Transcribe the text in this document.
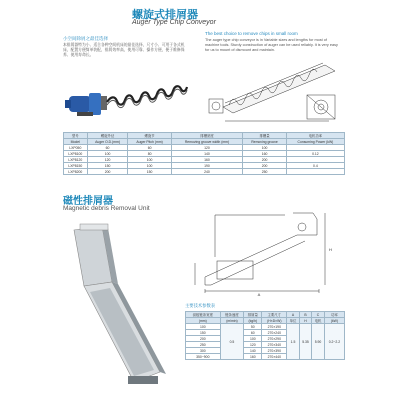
螺旋式排屑器
Auger Type Chip Conveyor
小空间除屑之最佳选择
本排屑器特为小、适合各种空间机床的最佳选择，尺寸小、可用于各式机床，配置方便简单装配，排屑效率高，使用可靠、操作方便，便于维修保养、使用寿命长。
The best choice to remove chips in small room
The auger type chip conveyor is in Variable sizes and lengths for most of machine tools. Sturdy construction of auger can be used reliably. It is very easy for us to mount of dismount and maintain.
型号	螺旋外径	螺旋节	排槽宽度	排槽量	电机功率
Model	Auger O.D.(mm)	Auger Pitch (mm)	Removing groove width (mm)	Removing groove	Consuming Power (kW)
LXP050	60	60	120	100	
LXP8100	100	80	140	160	0.12
LXP8120	120	100	160	200	
LXP8150	150	100	190	200	0.4
LXP8200	200	150	240	250	
磁性排屑器
Magnetic debris Removal Unit
A
H
主要技术参数表
刮板链条宽度	链条速度	排屑量	主要尺寸	A	B	C	功率
(mm)	(m/min)	(kg/h)	(H×D×W)	单位	H	电机	(kW)
100	0.5	50	270×190	1.5	5.35	5.90	0.2~2.2
150		60	270×240				
200		100	270×290				
250		120	270×340				
300		140	270×390				
350~900		160	270×440				
